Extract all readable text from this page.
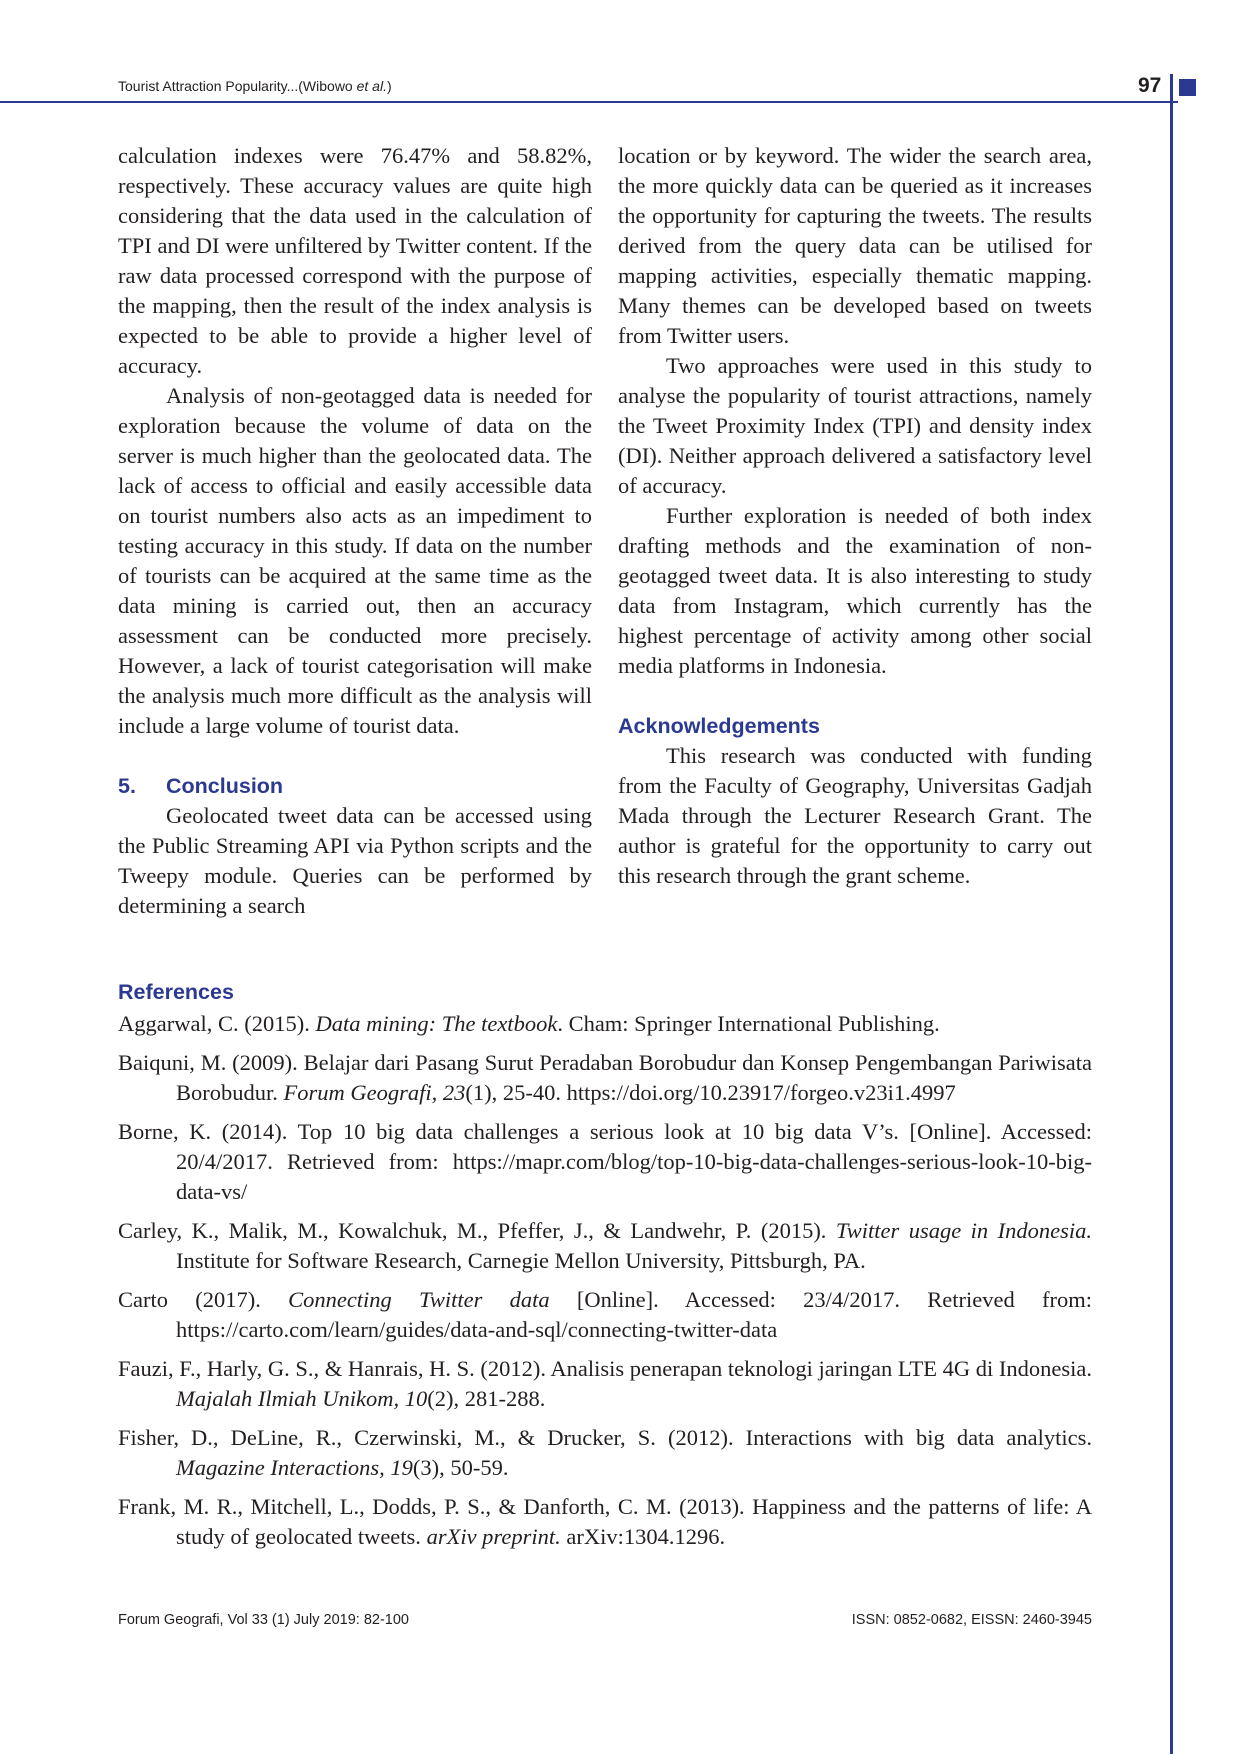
Tourist Attraction Popularity...(Wibowo et al.)	97

calculation indexes were 76.47% and 58.82%, respectively. These accuracy values are quite high considering that the data used in the calculation of TPI and DI were unfiltered by Twitter content. If the raw data processed correspond with the purpose of the mapping, then the result of the index analysis is expected to be able to provide a higher level of accuracy.

Analysis of non-geotagged data is needed for exploration because the volume of data on the server is much higher than the geolocated data. The lack of access to official and easily accessible data on tourist numbers also acts as an impediment to testing accuracy in this study. If data on the number of tourists can be acquired at the same time as the data mining is carried out, then an accuracy assessment can be conducted more precisely. However, a lack of tourist categorisation will make the analysis much more difficult as the analysis will include a large volume of tourist data.

5. Conclusion

Geolocated tweet data can be accessed using the Public Streaming API via Python scripts and the Tweepy module. Queries can be performed by determining a search

location or by keyword. The wider the search area, the more quickly data can be queried as it increases the opportunity for capturing the tweets. The results derived from the query data can be utilised for mapping activities, especially thematic mapping. Many themes can be developed based on tweets from Twitter users.

Two approaches were used in this study to analyse the popularity of tourist attractions, namely the Tweet Proximity Index (TPI) and density index (DI). Neither approach delivered a satisfactory level of accuracy.

Further exploration is needed of both index drafting methods and the examination of non-geotagged tweet data. It is also interesting to study data from Instagram, which currently has the highest percentage of activity among other social media platforms in Indonesia.

Acknowledgements

This research was conducted with funding from the Faculty of Geography, Universitas Gadjah Mada through the Lecturer Research Grant. The author is grateful for the opportunity to carry out this research through the grant scheme.

References

Aggarwal, C. (2015). Data mining: The textbook. Cham: Springer International Publishing.

Baiquni, M. (2009). Belajar dari Pasang Surut Peradaban Borobudur dan Konsep Pengembangan Pariwisata Borobudur. Forum Geografi, 23(1), 25-40. https://doi.org/10.23917/forgeo.v23i1.4997

Borne, K. (2014). Top 10 big data challenges a serious look at 10 big data V’s. [Online]. Accessed: 20/4/2017. Retrieved from: https://mapr.com/blog/top-10-big-data-challenges-serious-look-10-big-data-vs/

Carley, K., Malik, M., Kowalchuk, M., Pfeffer, J., & Landwehr, P. (2015). Twitter usage in Indonesia. Institute for Software Research, Carnegie Mellon University, Pittsburgh, PA.

Carto (2017). Connecting Twitter data [Online]. Accessed: 23/4/2017. Retrieved from: https://carto.com/learn/guides/data-and-sql/connecting-twitter-data

Fauzi, F., Harly, G. S., & Hanrais, H. S. (2012). Analisis penerapan teknologi jaringan LTE 4G di Indonesia. Majalah Ilmiah Unikom, 10(2), 281-288.

Fisher, D., DeLine, R., Czerwinski, M., & Drucker, S. (2012). Interactions with big data analytics. Magazine Interactions, 19(3), 50-59.

Frank, M. R., Mitchell, L., Dodds, P. S., & Danforth, C. M. (2013). Happiness and the patterns of life: A study of geolocated tweets. arXiv preprint. arXiv:1304.1296.

Forum Geografi, Vol 33 (1) July 2019: 82-100	ISSN: 0852-0682, EISSN: 2460-3945
